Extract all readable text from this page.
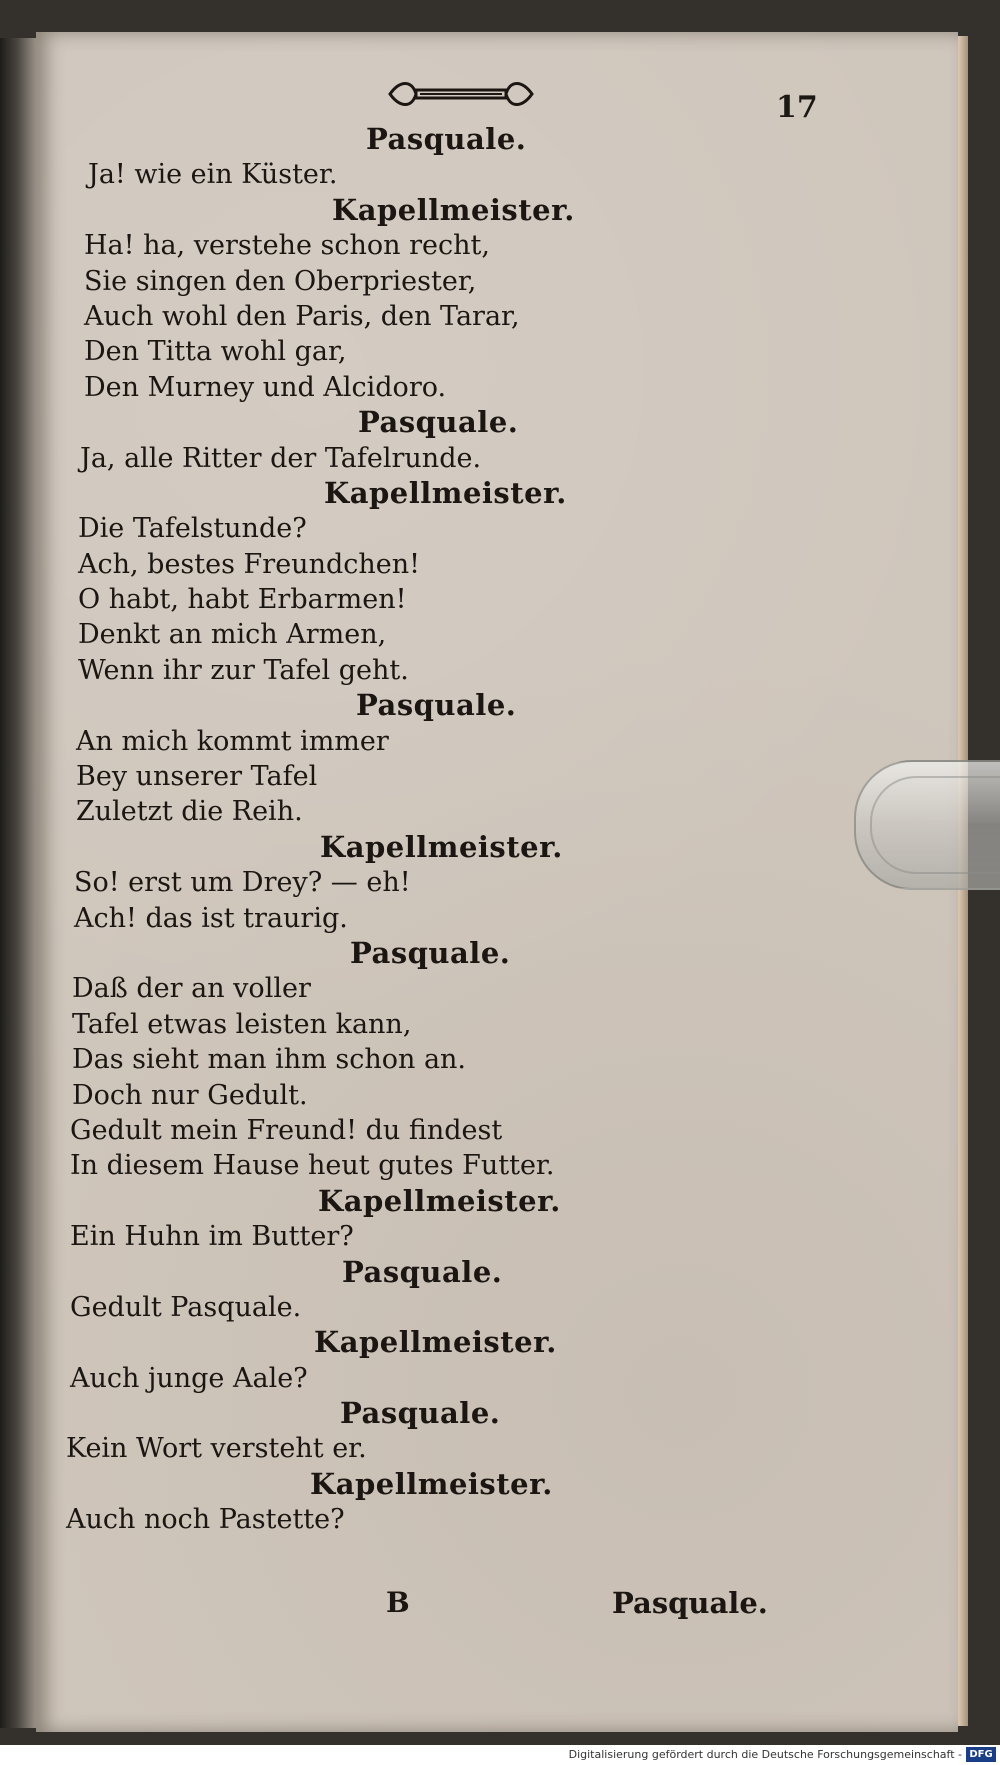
17
Pasquale.
Ja! wie ein Küster.
Kapellmeister.
Ha! ha, verstehe schon recht,
Sie singen den Oberpriester,
Auch wohl den Paris, den Tarar,
Den Titta wohl gar,
Den Murney und Alcidoro.
Pasquale.
Ja, alle Ritter der Tafelrunde.
Kapellmeister.
Die Tafelstunde?
Ach, bestes Freundchen!
O habt, habt Erbarmen!
Denkt an mich Armen,
Wenn ihr zur Tafel geht.
Pasquale.
An mich kommt immer
Bey unserer Tafel
Zuletzt die Reih.
Kapellmeister.
So! erst um Drey? — eh!
Ach! das ist traurig.
Pasquale.
Daß der an voller
Tafel etwas leisten kann,
Das sieht man ihm schon an.
Doch nur Gedult.
Gedult mein Freund! du findest
In diesem Hause heut gutes Futter.
Kapellmeister.
Ein Huhn im Butter?
Pasquale.
Gedult Pasquale.
Kapellmeister.
Auch junge Aale?
Pasquale.
Kein Wort versteht er.
Kapellmeister.
Auch noch Pastette?
B	Pasquale.
Digitalisierung gefördert durch die Deutsche Forschungsgemeinschaft - DFG
